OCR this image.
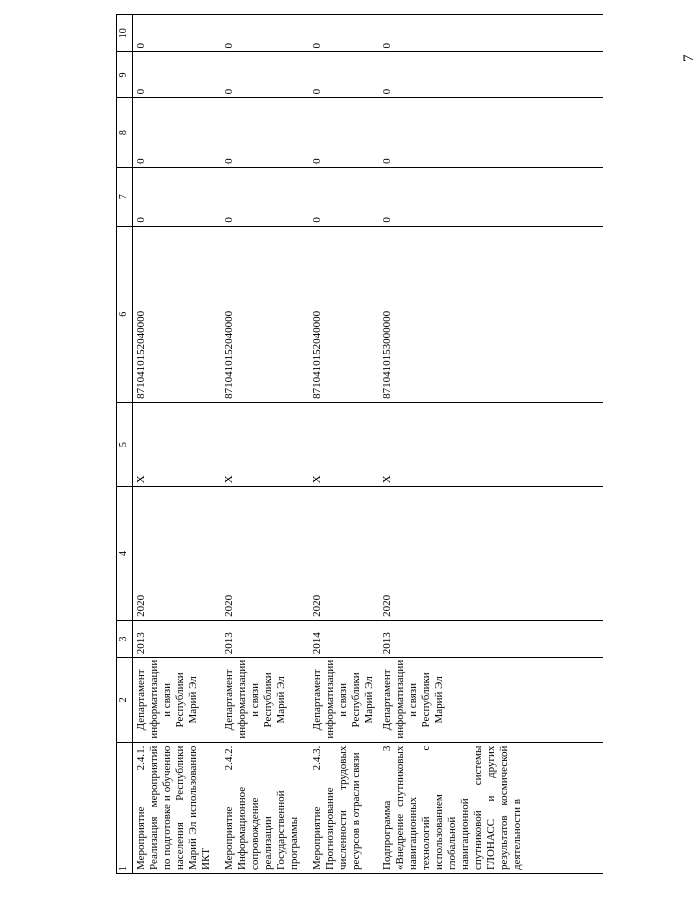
7
1	2	3	4	5	6	7	8	9	10
Мероприятие 2.4.1. Реализация мероприятий по подготовке и обучению населения Республики Марий Эл использованию ИКТ	Департамент информатизации и связи Республики Марий Эл	2013	2020	X	8710410152040000	0	0	0	0
Мероприятие 2.4.2. Информационное сопровождение реализации Государственной программы	Департамент информатизации и связи Республики Марий Эл	2013	2020	X	8710410152040000	0	0	0	0
Мероприятие 2.4.3. Прогнозирование численности трудовых ресурсов в отрасли связи	Департамент информатизации и связи Республики Марий Эл	2014	2020	X	8710410152040000	0	0	0	0
Подпрограмма 3 «Внедрение спутниковых навигационных технологий с использованием глобальной навигационной спутниковой системы ГЛОНАСС и других результатов космической деятельности в	Департамент информатизации и связи Республики Марий Эл	2013	2020	X	8710410153000000	0	0	0	0
